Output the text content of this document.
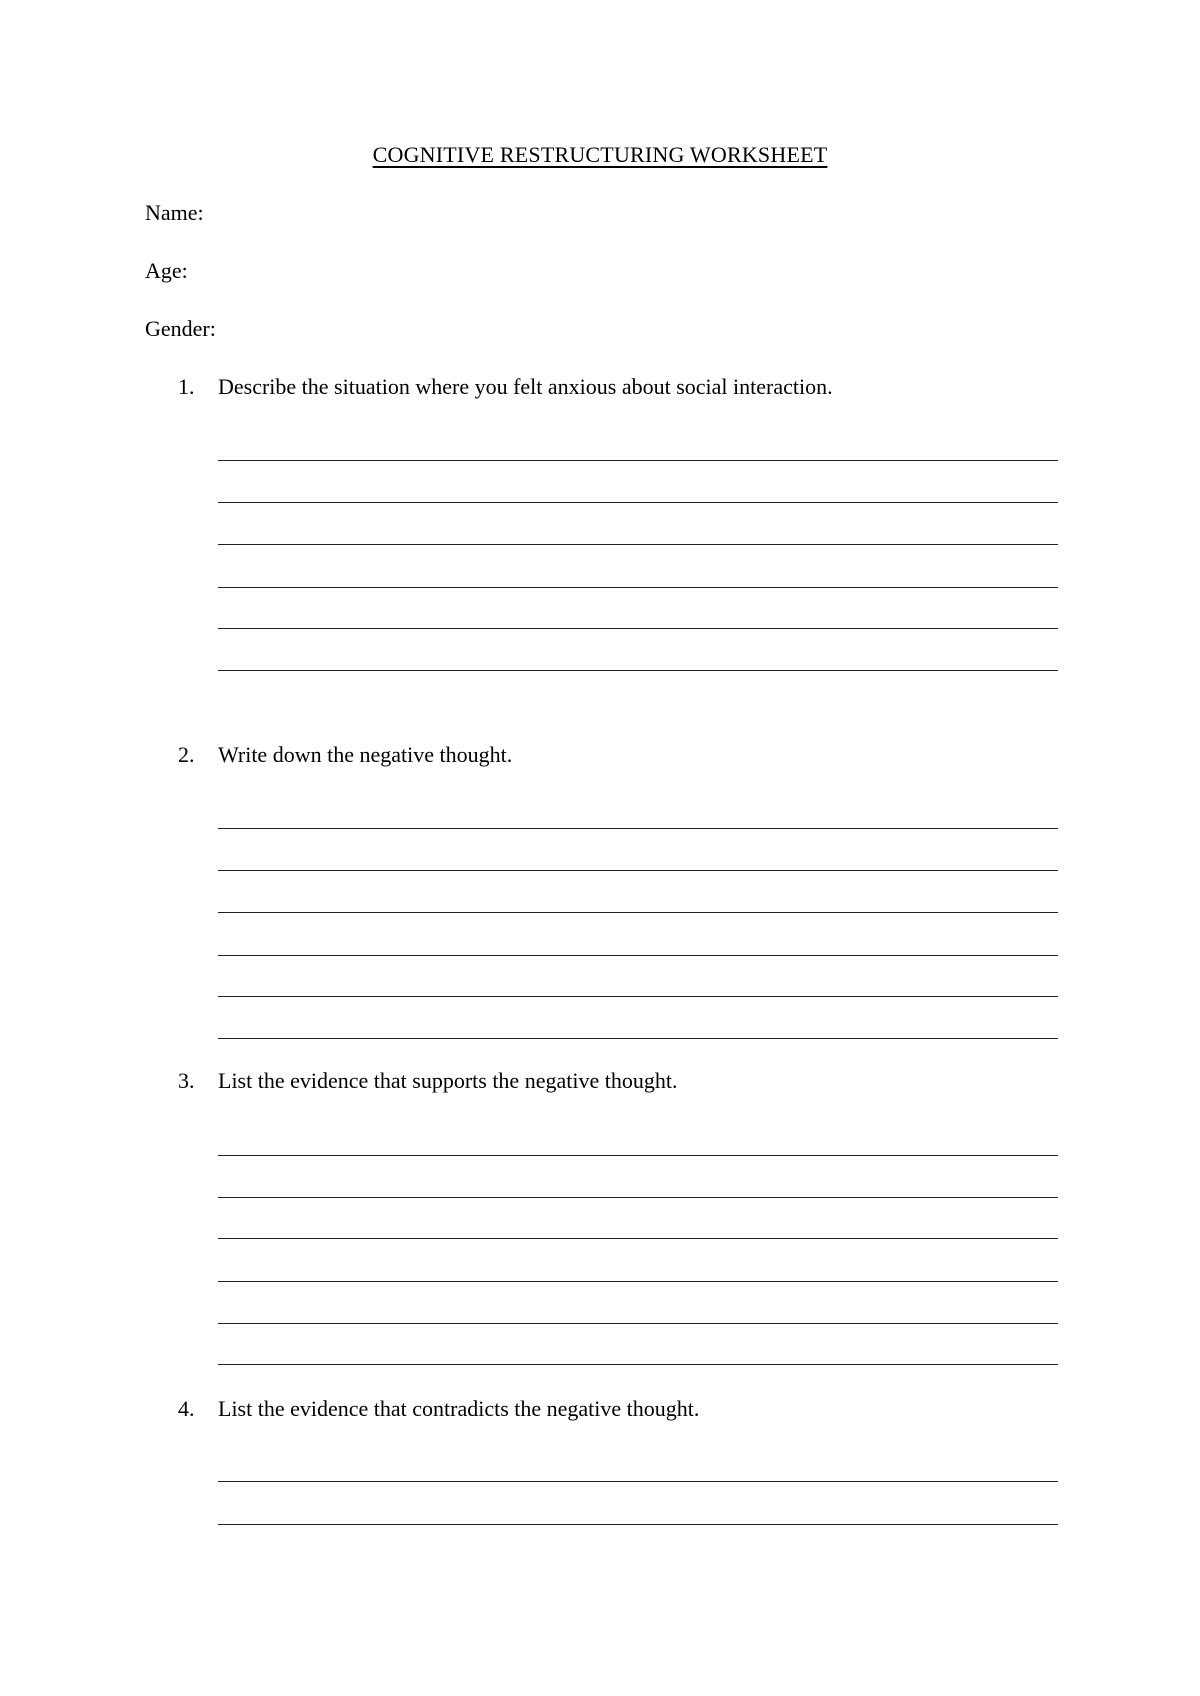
COGNITIVE RESTRUCTURING WORKSHEET
Name:
Age:
Gender:
1.	Describe the situation where you felt anxious about social interaction.
2.	Write down the negative thought.
3.	List the evidence that supports the negative thought.
4.	List the evidence that contradicts the negative thought.
